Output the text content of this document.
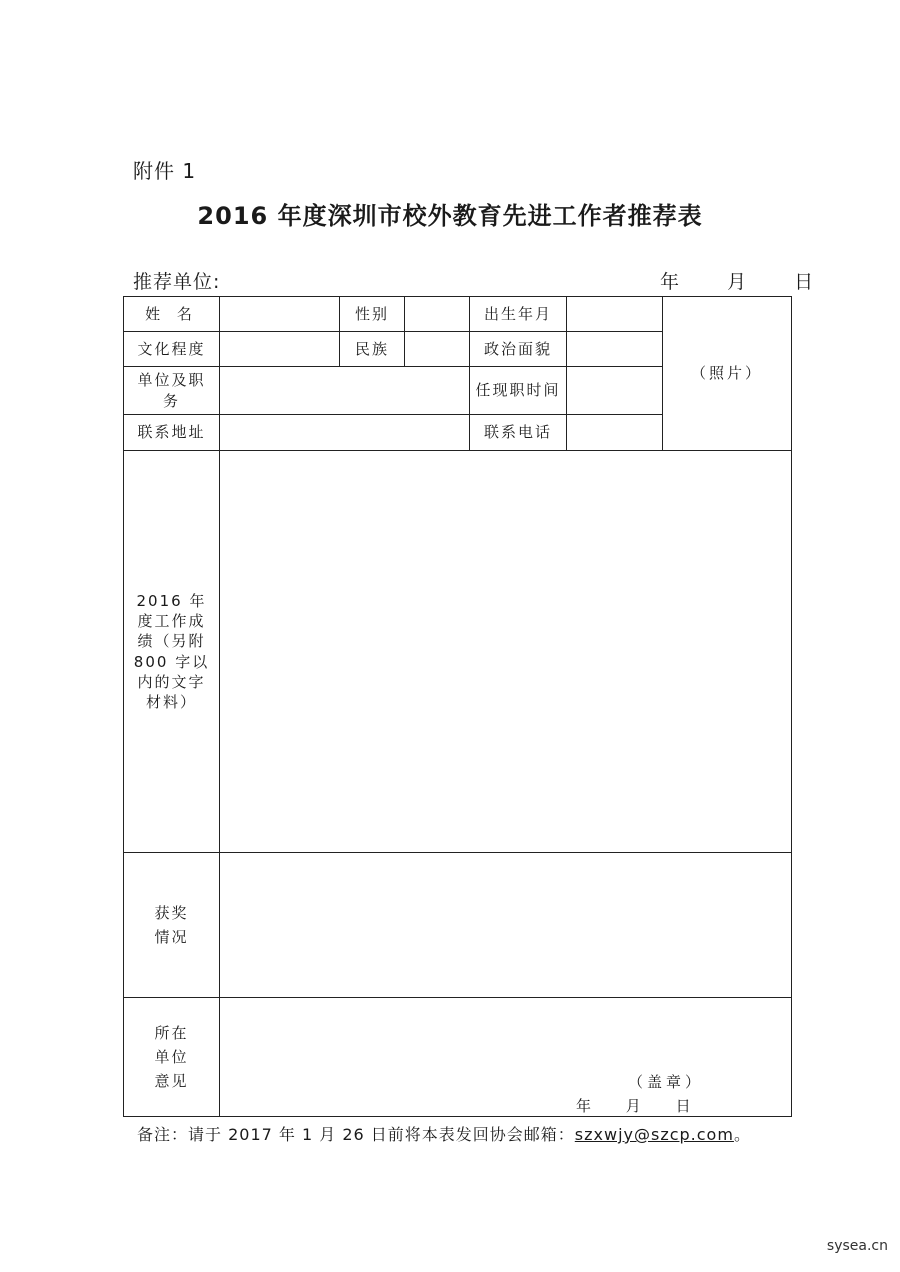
附件 1
2016 年度深圳市校外教育先进工作者推荐表
推荐单位:	年	月	日
姓 名		性别		出生年月		（照片）
文化程度		民族		政治面貌		
单位及职务				任现职时间		
联系地址				联系电话		
2016 年度工作成绩（另附 800 字以内的文字材料）						
获奖情况						
所在单位意见	（盖章）
年 月 日					
备注：请于 2017 年 1 月 26 日前将本表发回协会邮箱：szxwjy@szcp.com。
sysea.cn
